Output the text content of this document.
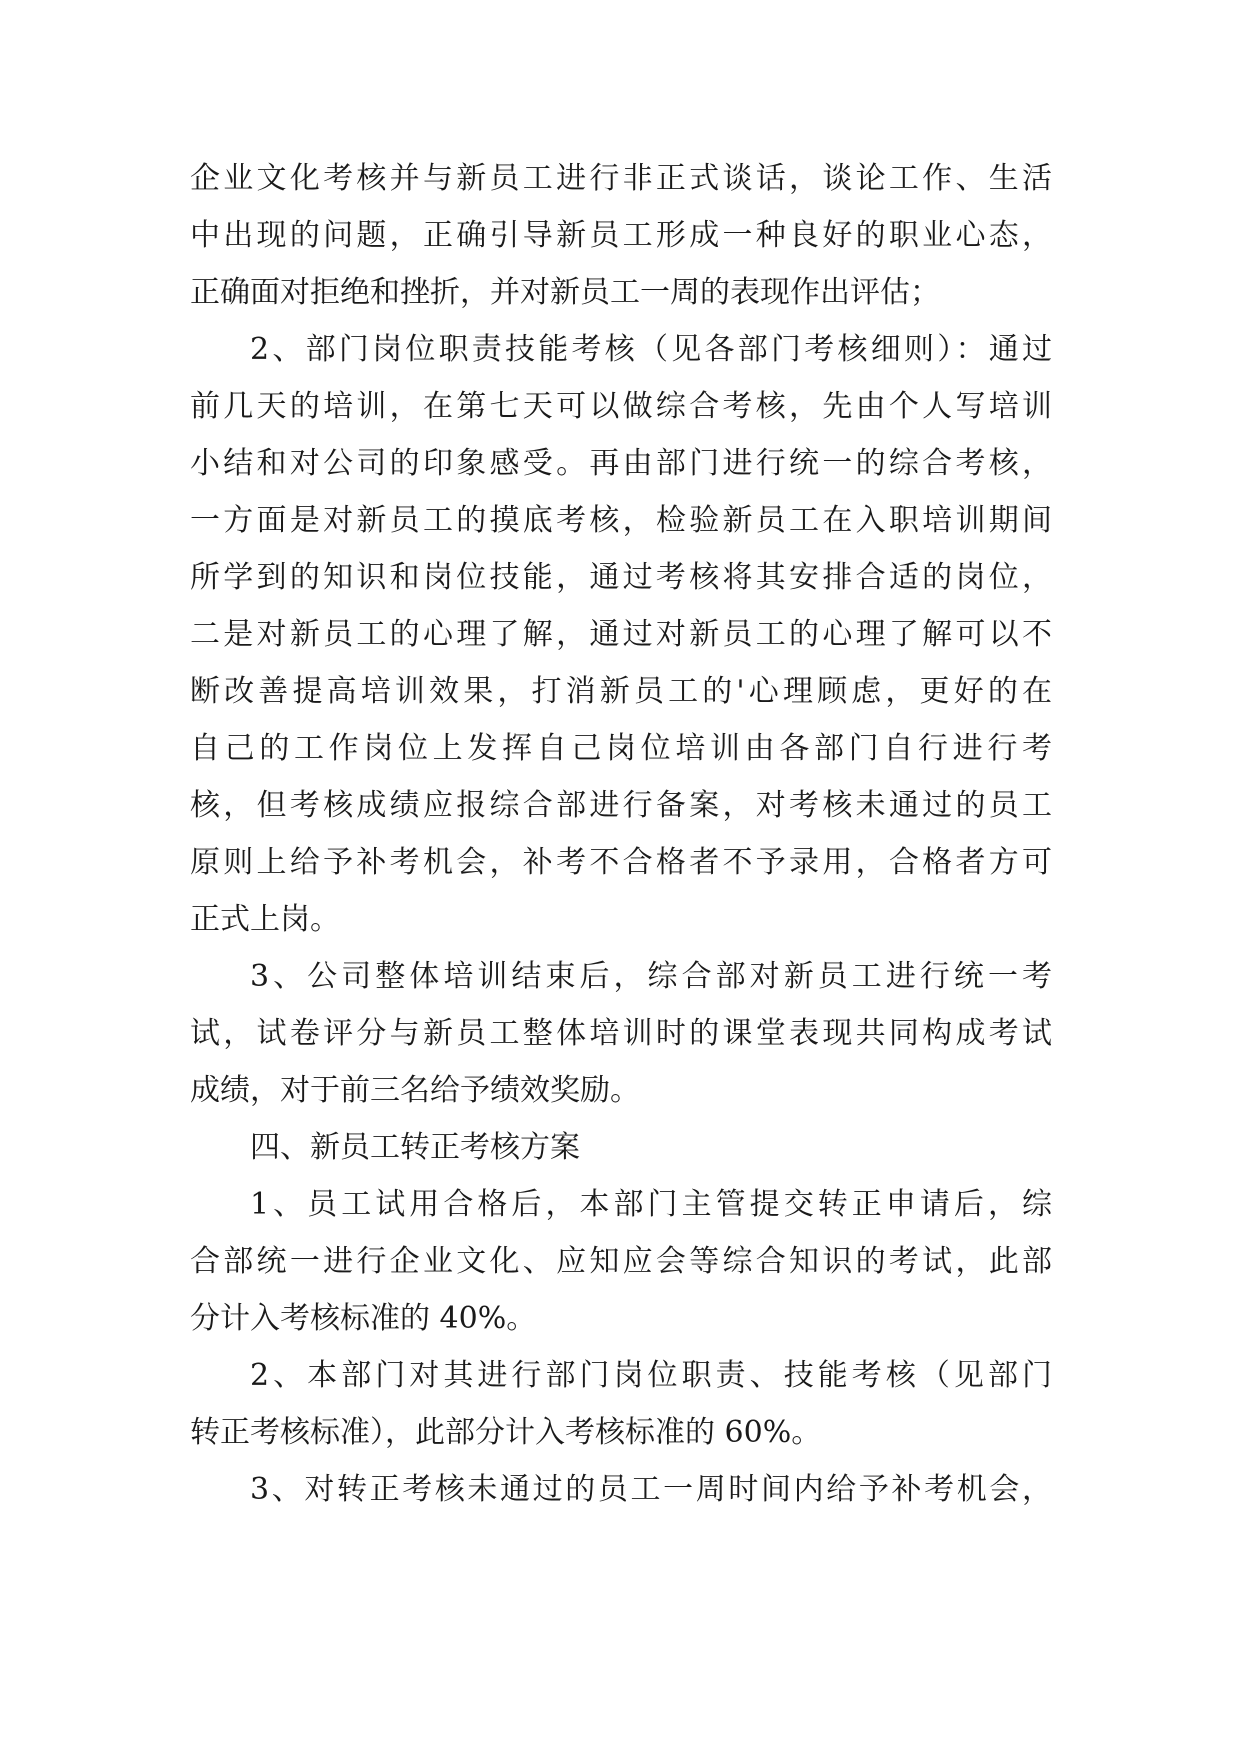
企业文化考核并与新员工进行非正式谈话，谈论工作、生活
中出现的问题，正确引导新员工形成一种良好的职业心态，
正确面对拒绝和挫折，并对新员工一周的表现作出评估；
2、部门岗位职责技能考核（见各部门考核细则）：通过
前几天的培训，在第七天可以做综合考核，先由个人写培训
小结和对公司的印象感受。再由部门进行统一的综合考核，
一方面是对新员工的摸底考核，检验新员工在入职培训期间
所学到的知识和岗位技能，通过考核将其安排合适的岗位，
二是对新员工的心理了解，通过对新员工的心理了解可以不
断改善提高培训效果，打消新员工的'心理顾虑，更好的在
自己的工作岗位上发挥自己岗位培训由各部门自行进行考
核，但考核成绩应报综合部进行备案，对考核未通过的员工
原则上给予补考机会，补考不合格者不予录用，合格者方可
正式上岗。
3、公司整体培训结束后，综合部对新员工进行统一考
试，试卷评分与新员工整体培训时的课堂表现共同构成考试
成绩，对于前三名给予绩效奖励。
四、新员工转正考核方案
1、员工试用合格后，本部门主管提交转正申请后，综
合部统一进行企业文化、应知应会等综合知识的考试，此部
分计入考核标准的 40%。
2、本部门对其进行部门岗位职责、技能考核（见部门
转正考核标准），此部分计入考核标准的 60%。
3、对转正考核未通过的员工一周时间内给予补考机会，
